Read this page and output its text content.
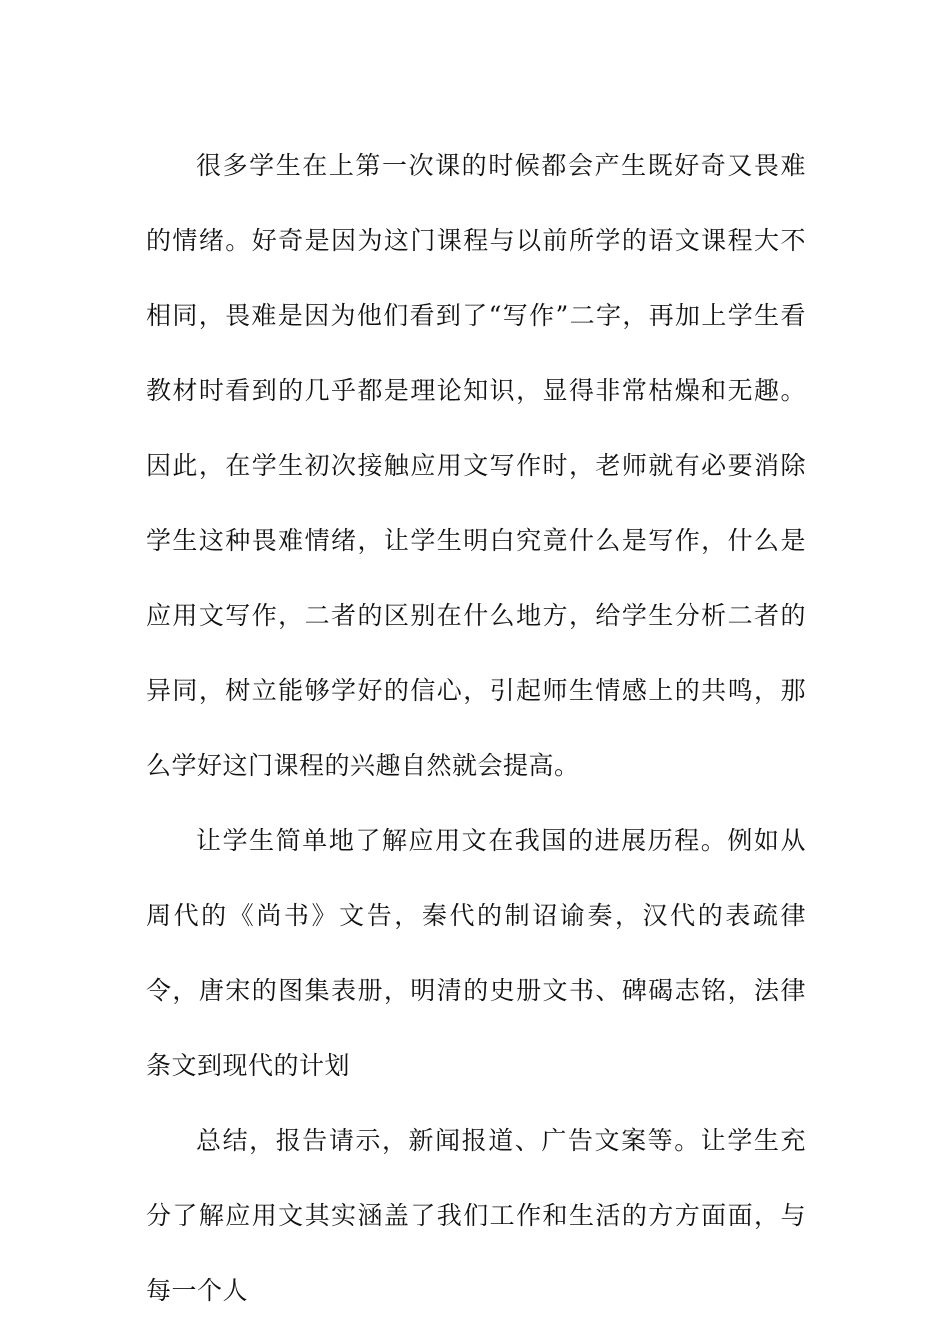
很多学生在上第一次课的时候都会产生既好奇又畏难的情绪。好奇是因为这门课程与以前所学的语文课程大不相同，畏难是因为他们看到了“写作”二字，再加上学生看教材时看到的几乎都是理论知识，显得非常枯燥和无趣。因此，在学生初次接触应用文写作时，老师就有必要消除学生这种畏难情绪，让学生明白究竟什么是写作，什么是应用文写作，二者的区别在什么地方，给学生分析二者的异同，树立能够学好的信心，引起师生情感上的共鸣，那么学好这门课程的兴趣自然就会提高。

让学生简单地了解应用文在我国的进展历程。例如从周代的《尚书》文告，秦代的制诏谕奏，汉代的表疏律令，唐宋的图集表册，明清的史册文书、碑碣志铭，法律条文到现代的计划

总结，报告请示，新闻报道、广告文案等。让学生充分了解应用文其实涵盖了我们工作和生活的方方面面，与每一个人
